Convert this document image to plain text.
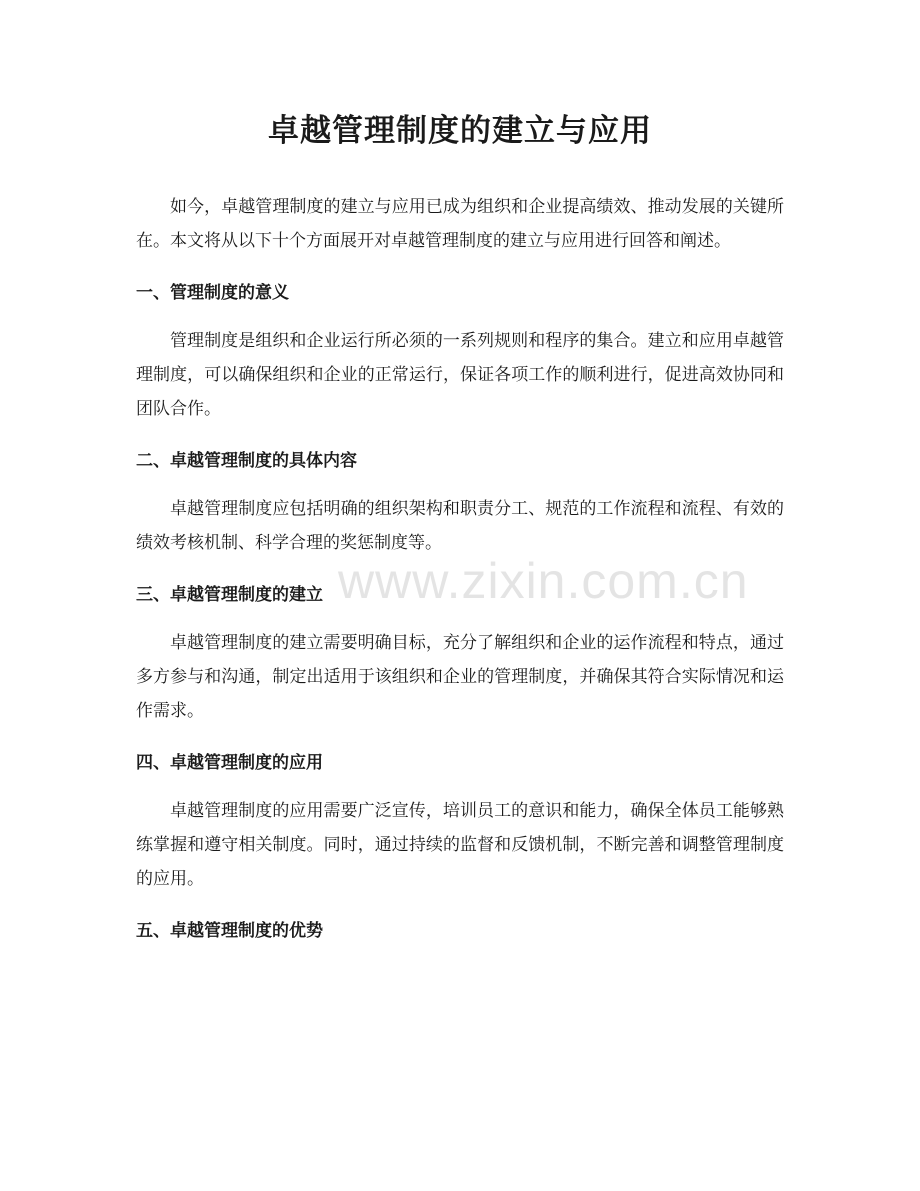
卓越管理制度的建立与应用

如今，卓越管理制度的建立与应用已成为组织和企业提高绩效、推动发展的关键所在。本文将从以下十个方面展开对卓越管理制度的建立与应用进行回答和阐述。

一、管理制度的意义

管理制度是组织和企业运行所必须的一系列规则和程序的集合。建立和应用卓越管理制度，可以确保组织和企业的正常运行，保证各项工作的顺利进行，促进高效协同和团队合作。

二、卓越管理制度的具体内容

卓越管理制度应包括明确的组织架构和职责分工、规范的工作流程和流程、有效的绩效考核机制、科学合理的奖惩制度等。

三、卓越管理制度的建立

卓越管理制度的建立需要明确目标，充分了解组织和企业的运作流程和特点，通过多方参与和沟通，制定出适用于该组织和企业的管理制度，并确保其符合实际情况和运作需求。

四、卓越管理制度的应用

卓越管理制度的应用需要广泛宣传，培训员工的意识和能力，确保全体员工能够熟练掌握和遵守相关制度。同时，通过持续的监督和反馈机制，不断完善和调整管理制度的应用。

五、卓越管理制度的优势
www.zixin.com.cn
